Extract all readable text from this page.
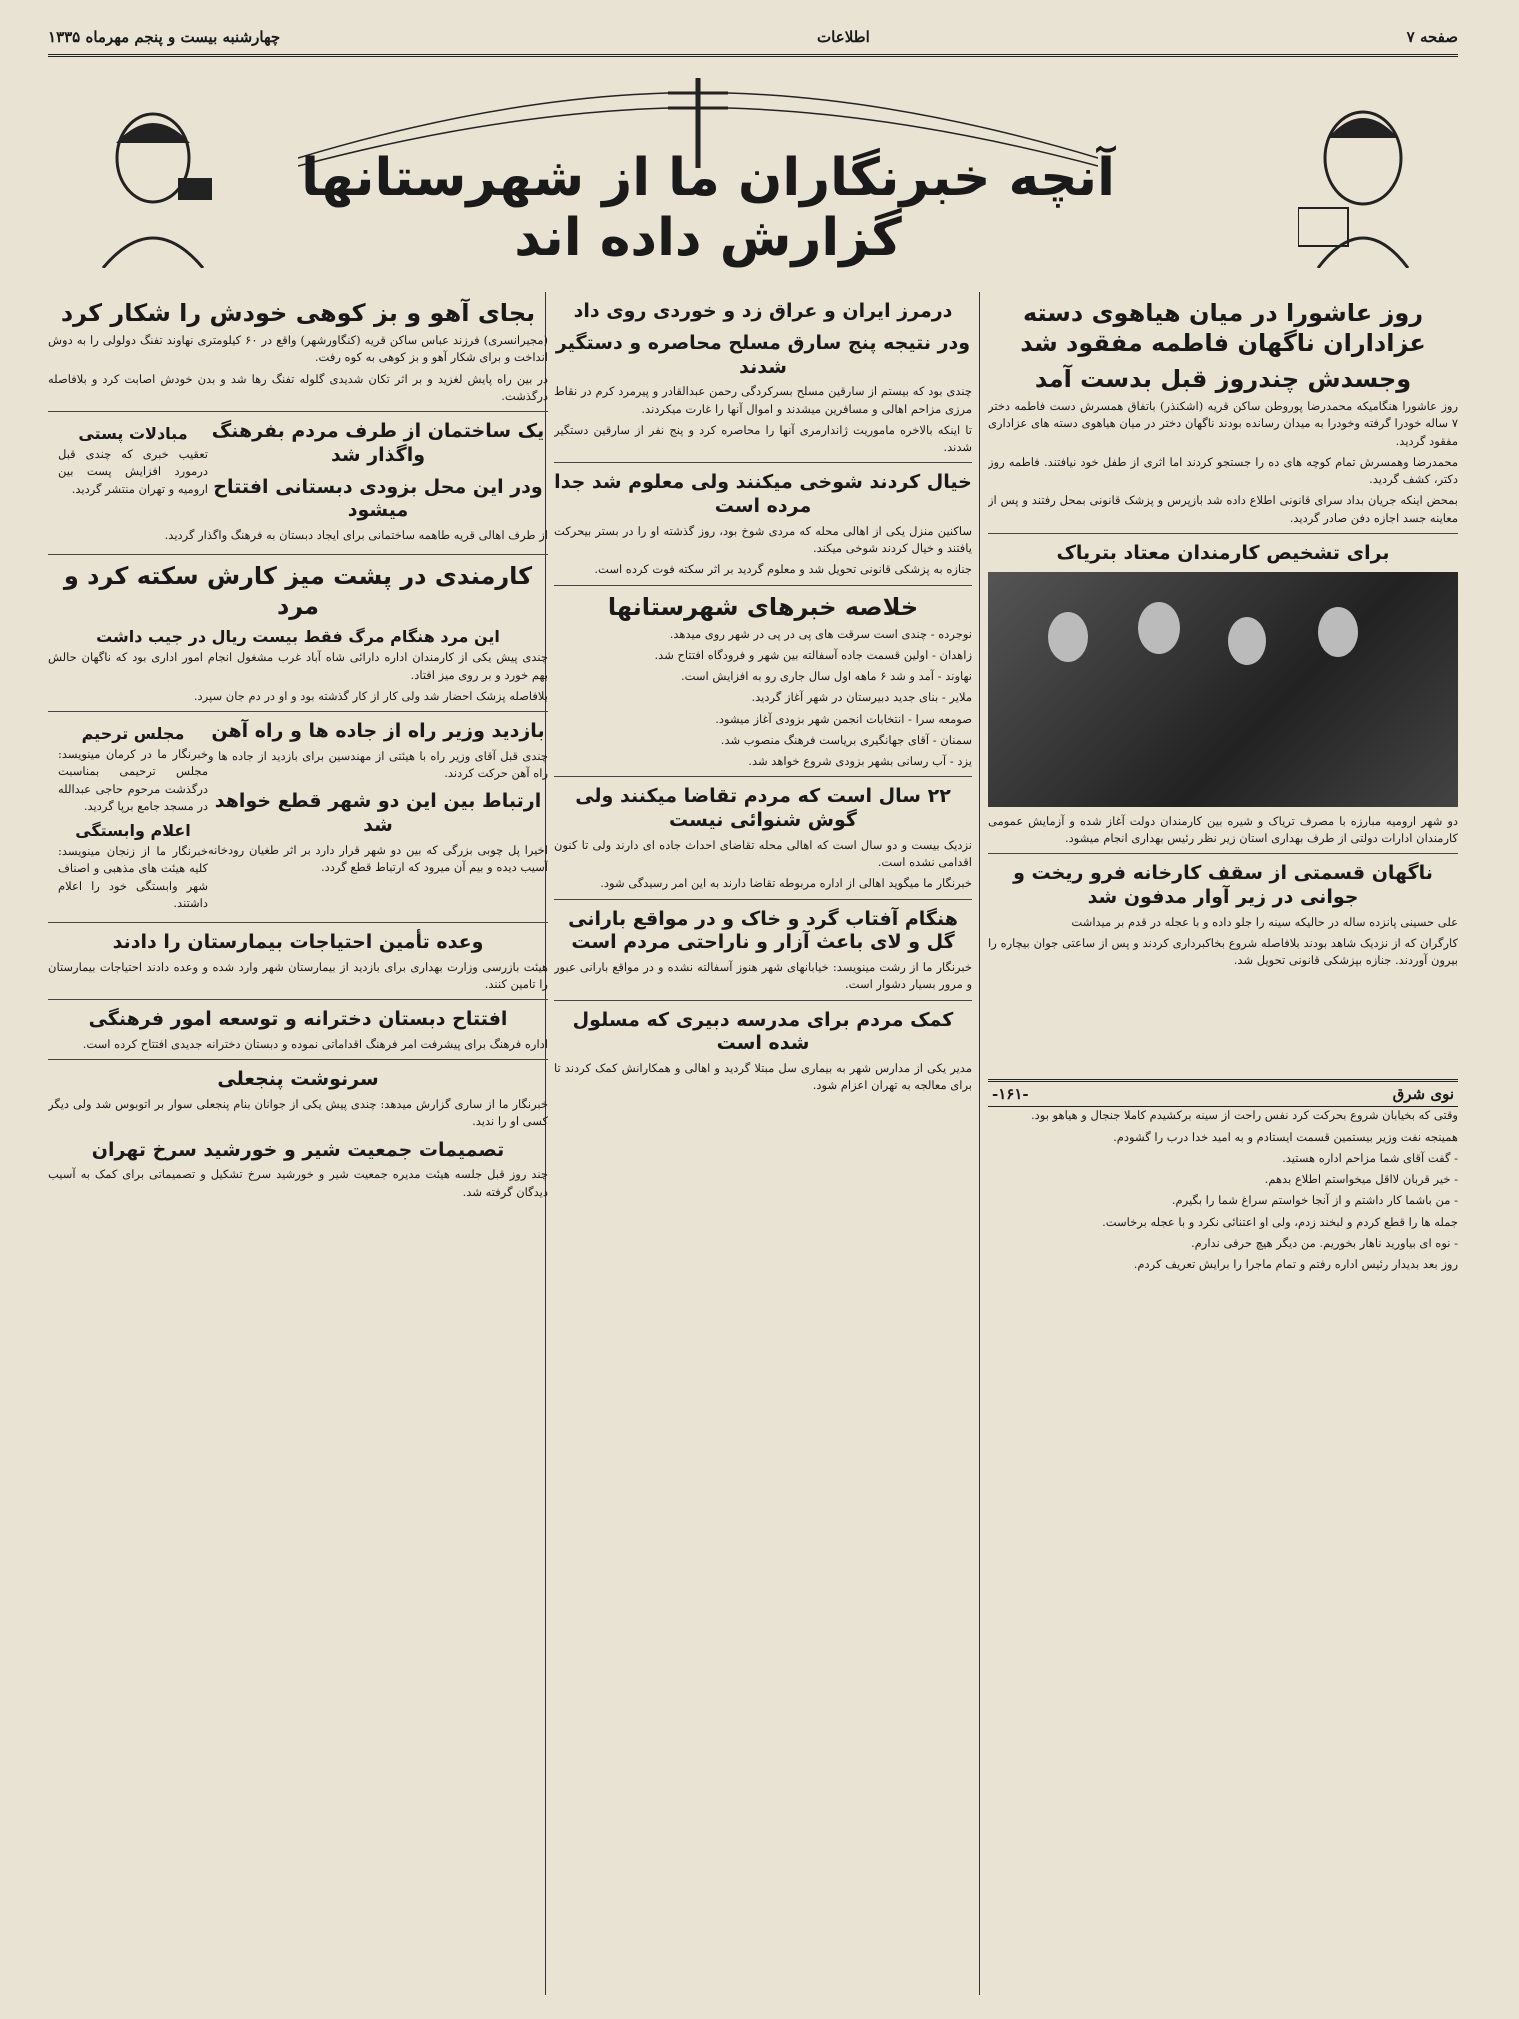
صفحه ۷
اطلاعات
چهارشنبه بیست و پنجم مهرماه ۱۳۳۵
آنچه خبرنگاران ما از شهرستانها گزارش داده اند
روز عاشورا در میان هیاهوی دسته عزاداران ناگهان فاطمه مفقود شد
وجسدش چندروز قبل بدست آمد

روز عاشورا هنگامیکه محمدرضا پوروطن ساکن قریه (اشکنذر) باتفاق همسرش دست فاطمه دختر ۷ ساله خودرا گرفته وخودرا به میدان رسانده بودند ناگهان دختر در میان هیاهوی دسته های عزاداری مفقود گردید.

محمدرضا وهمسرش تمام کوچه های ده را جستجو کردند اما اثری از طفل خود نیافتند. فاطمه روز دکتر، کشف گردید.

بمحض اینکه جریان بداد سرای قانونی اطلاع داده شد بازپرس و پزشک قانونی بمحل رفتند و پس از معاینه جسد اجازه دفن صادر گردید.

برای تشخیص کارمندان معتاد بتریاک

دو شهر ارومیه مبارزه با مصرف تریاک و شیره بین کارمندان دولت آغاز شده و آزمایش عمومی کارمندان ادارات دولتی از طرف بهداری استان زیر نظر رئیس بهداری انجام میشود.

ناگهان قسمتی از سقف کارخانه فرو ریخت و جوانی در زیر آوار مدفون شد

علی حسینی پانزده ساله در حالیکه سینه را جلو داده و با عجله در قدم بر میداشت

کارگران که از نزدیک شاهد بودند بلافاصله شروع بخاکبرداری کردند و پس از ساعتی جوان بیچاره را بیرون آوردند. جنازه بپزشکی قانونی تحویل شد.

نوی شرق
-۱۶۱-

وقتی که بخیابان شروع بحرکت کرد نفس راحت از سینه برکشیدم کاملا جنجال و هیاهو بود.

همینجه نفت وزیر بیستمین قسمت ایستادم و به امید خدا درب را گشودم.

- گفت آقای شما مزاحم اداره هستید.

- خیر قربان لااقل میخواستم اطلاع بدهم.

- من باشما کار داشتم و از آنجا خواستم سراغ شما را بگیرم.

جمله ها را قطع کردم و لبخند زدم، ولی او اعتنائی نکرد و با عجله برخاست.

- نوه ای بیاورید ناهار بخوریم. من دیگر هیچ حرفی ندارم.

روز بعد بدیدار رئیس اداره رفتم و تمام ماجرا را برایش تعریف کردم.

درمرز ایران و عراق زد و خوردی روی داد
ودر نتیجه پنج سارق مسلح محاصره و دستگیر شدند

چندی بود که بیستم از سارقین مسلح بسرکردگی رحمن عبدالقادر و پیرمرد کرم در نقاط مرزی مزاحم اهالی و مسافرین میشدند و اموال آنها را غارت میکردند.

تا اینکه بالاخره ماموریت ژاندارمری آنها را محاصره کرد و پنج نفر از سارقین دستگیر شدند.

خیال کردند شوخی میکنند ولی معلوم شد جدا مرده است

ساکنین منزل یکی از اهالی محله که مردی شوخ بود، روز گذشته او را در بستر بیحرکت یافتند و خیال کردند شوخی میکند.

جنازه به پزشکی قانونی تحویل شد و معلوم گردید بر اثر سکته فوت کرده است.

خلاصه خبرهای شهرستانها

نوجرده - چندی است سرقت های پی در پی در شهر روی میدهد.

زاهدان - اولین قسمت جاده آسفالته بین شهر و فرودگاه افتتاح شد.

نهاوند - آمد و شد ۶ ماهه اول سال جاری رو به افزایش است.

ملایر - بنای جدید دبیرستان در شهر آغاز گردید.

صومعه سرا - انتخابات انجمن شهر بزودی آغاز میشود.

سمنان - آقای جهانگیری بریاست فرهنگ منصوب شد.

یزد - آب رسانی بشهر بزودی شروع خواهد شد.

۲۲ سال است که مردم تقاضا میکنند ولی گوش شنوائی نیست

نزدیک بیست و دو سال است که اهالی محله تقاضای احداث جاده ای دارند ولی تا کنون اقدامی نشده است.

خبرنگار ما میگوید اهالی از اداره مربوطه تقاضا دارند به این امر رسیدگی شود.

هنگام آفتاب گرد و خاک و در مواقع بارانی گل و لای باعث آزار و ناراحتی مردم است

خبرنگار ما از رشت مینویسد: خیابانهای شهر هنوز آسفالته نشده و در مواقع بارانی عبور و مرور بسیار دشوار است.

کمک مردم برای مدرسه دبیری که مسلول شده است

مدیر یکی از مدارس شهر به بیماری سل مبتلا گردید و اهالی و همکارانش کمک کردند تا برای معالجه به تهران اعزام شود.

بجای آهو و بز کوهی خودش را شکار کرد

(مجیرانسری) فرزند عباس ساکن قریه (کنگاورشهر) واقع در ۶۰ کیلومتری نهاوند تفنگ دولولی را به دوش انداخت و برای شکار آهو و بز کوهی به کوه رفت.

در بین راه پایش لغزید و بر اثر تکان شدیدی گلوله تفنگ رها شد و بدن خودش اصابت کرد و بلافاصله درگذشت.

مبادلات پستی

تعقیب خبری که چندی قبل درمورد افزایش پست بین ارومیه و تهران منتشر گردید.

یک ساختمان از طرف مردم بفرهنگ واگذار شد
ودر این محل بزودی دبستانی افتتاح میشود

از طرف اهالی قریه طاهمه ساختمانی برای ایجاد دبستان به فرهنگ واگذار گردید.

کارمندی در پشت میز کارش سکته کرد و مرد
این مرد هنگام مرگ فقط بیست ریال در جیب داشت

چندی پیش یکی از کارمندان اداره دارائی شاه آباد غرب مشغول انجام امور اداری بود که ناگهان حالش بهم خورد و بر روی میز افتاد.

بلافاصله پزشک احضار شد ولی کار از کار گذشته بود و او در دم جان سپرد.

مجلس ترحیم

خبرنگار ما در کرمان مینویسد: مجلس ترحیمی بمناسبت درگذشت مرحوم حاجی عبدالله در مسجد جامع برپا گردید.

اعلام وابستگی

خبرنگار ما از زنجان مینویسد: کلیه هیئت های مذهبی و اصناف شهر وابستگی خود را اعلام داشتند.

بازدید وزیر راه از جاده ها و راه آهن

چندی قبل آقای وزیر راه با هیئتی از مهندسین برای بازدید از جاده ها و راه آهن حرکت کردند.

ارتباط بین این دو شهر قطع خواهد شد

اخیرا پل چوبی بزرگی که بین دو شهر قرار دارد بر اثر طغیان رودخانه آسیب دیده و بیم آن میرود که ارتباط قطع گردد.

وعده تأمین احتیاجات بیمارستان را دادند

هیئت بازرسی وزارت بهداری برای بازدید از بیمارستان شهر وارد شده و وعده دادند احتیاجات بیمارستان را تامین کنند.

افتتاح دبستان دخترانه و توسعه امور فرهنگی

اداره فرهنگ برای پیشرفت امر فرهنگ اقداماتی نموده و دبستان دخترانه جدیدی افتتاح کرده است.

سرنوشت پنجعلی

خبرنگار ما از ساری گزارش میدهد: چندی پیش یکی از جوانان بنام پنجعلی سوار بر اتوبوس شد ولی دیگر کسی او را ندید.

تصمیمات جمعیت شیر و خورشید سرخ تهران

چند روز قبل جلسه هیئت مدیره جمعیت شیر و خورشید سرخ تشکیل و تصمیماتی برای کمک به آسیب دیدگان گرفته شد.
